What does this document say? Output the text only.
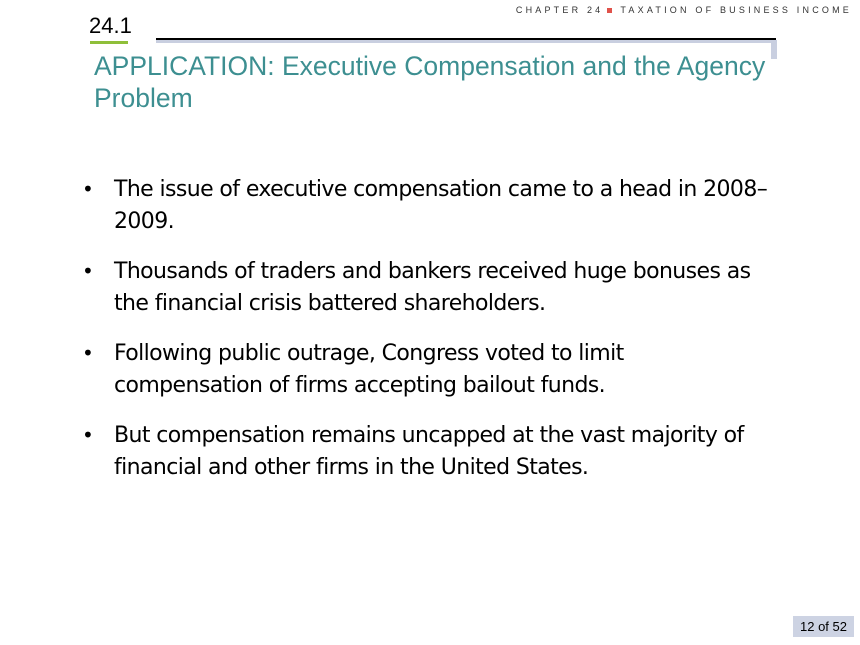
CHAPTER 24 TAXATION OF BUSINESS INCOME
24.1
APPLICATION: Executive Compensation and the Agency Problem
• The issue of executive compensation came to a head in 2008–2009.
• Thousands of traders and bankers received huge bonuses as the financial crisis battered shareholders.
• Following public outrage, Congress voted to limit compensation of firms accepting bailout funds.
• But compensation remains uncapped at the vast majority of financial and other firms in the United States.
12 of 52
